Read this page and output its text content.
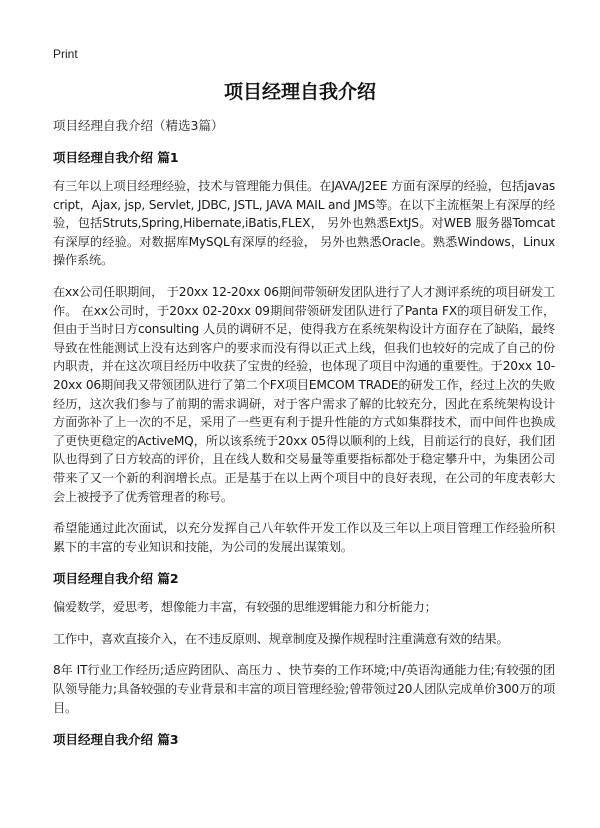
Print
项目经理自我介绍

项目经理自我介绍（精选3篇）

项目经理自我介绍 篇1

有三年以上项目经理经验，技术与管理能力俱佳。在JAVA/J2EE 方面有深厚的经验，包括javascript，Ajax, jsp, Servlet, JDBC, JSTL, JAVA MAIL and JMS等。在以下主流框架上有深厚的经验，包括Struts,Spring,Hibernate,iBatis,FLEX， 另外也熟悉ExtJS。对WEB 服务器Tomcat有深厚的经验。对数据库MySQL有深厚的经验， 另外也熟悉Oracle。熟悉Windows，Linux 操作系统。

在xx公司任职期间， 于20xx 12-20xx 06期间带领研发团队进行了人才测评系统的项目研发工作。 在xx公司时，于20xx 02-20xx 09期间带领研发团队进行了Panta FX的项目研发工作，但由于当时日方consulting 人员的调研不足，使得我方在系统架构设计方面存在了缺陷，最终导致在性能测试上没有达到客户的要求而没有得以正式上线，但我们也较好的完成了自己的份内职责，并在这次项目经历中收获了宝贵的经验，也体现了项目中沟通的重要性。于20xx 10-20xx 06期间我又带领团队进行了第二个FX项目EMCOM TRADE的研发工作，经过上次的失败经历，这次我们参与了前期的需求调研，对于客户需求了解的比较充分，因此在系统架构设计方面弥补了上一次的不足，采用了一些更有利于提升性能的方式如集群技术，而中间件也换成了更快更稳定的ActiveMQ，所以该系统于20xx 05得以顺利的上线，目前运行的良好，我们团队也得到了日方较高的评价，且在线人数和交易量等重要指标都处于稳定攀升中，为集团公司带来了又一个新的利润增长点。正是基于在以上两个项目中的良好表现，在公司的年度表彰大会上被授予了优秀管理者的称号。

希望能通过此次面试，以充分发挥自己八年软件开发工作以及三年以上项目管理工作经验所积累下的丰富的专业知识和技能，为公司的发展出谋策划。

项目经理自我介绍 篇2

偏爱数学，爱思考，想像能力丰富，有较强的思维逻辑能力和分析能力；

工作中，喜欢直接介入，在不违反原则、规章制度及操作规程时注重满意有效的结果。

8年 IT行业工作经历;适应跨团队、高压力 、快节奏的工作环境;中/英语沟通能力佳;有较强的团队领导能力;具备较强的专业背景和丰富的项目管理经验;曾带领过20人团队完成单价300万的项目。

项目经理自我介绍 篇3
